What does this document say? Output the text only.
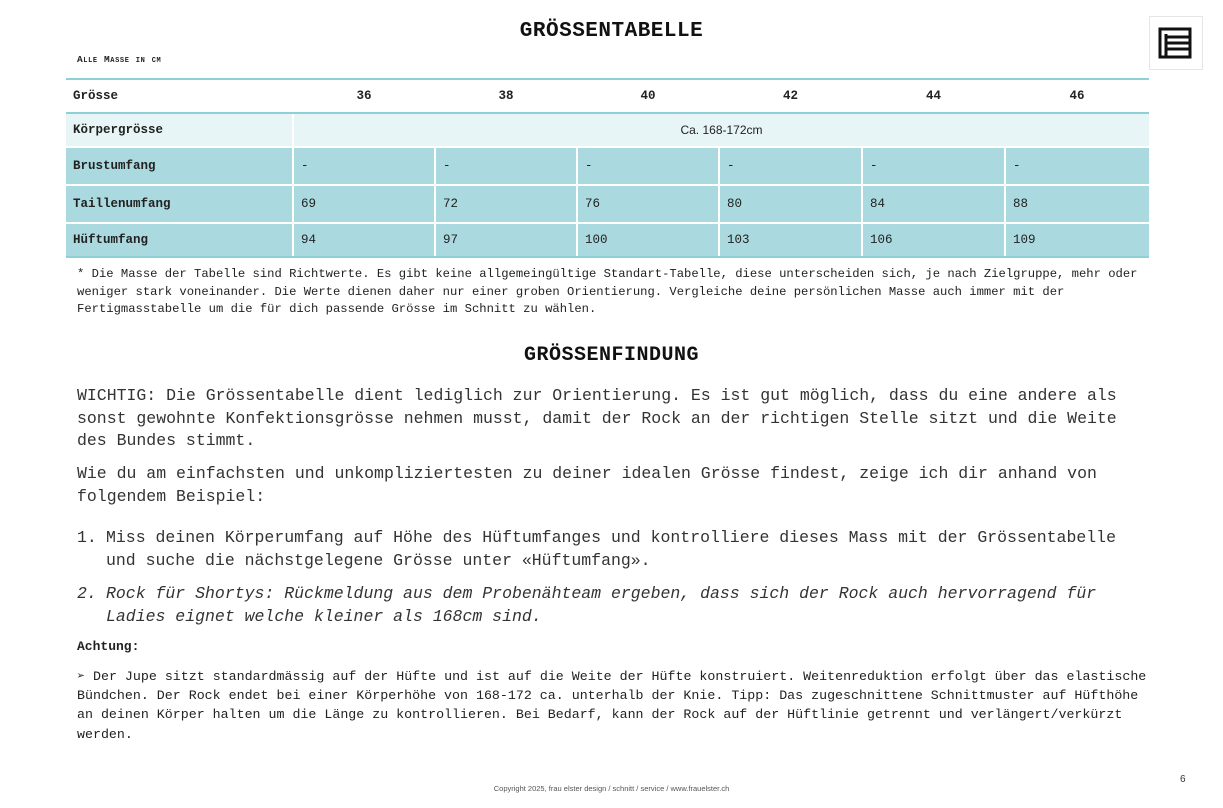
GRÖSSENTABELLE
Alle Masse in cm
Grösse	36	38	40	42	44	46
Körpergrösse	Ca. 168-172cm					
Brustumfang	-	-	-	-	-	-
Taillenumfang	69	72	76	80	84	88
Hüftumfang	94	97	100	103	106	109
* Die Masse der Tabelle sind Richtwerte. Es gibt keine allgemeingültige Standart-Tabelle, diese unterscheiden sich, je nach Zielgruppe, mehr oder weniger stark voneinander. Die Werte dienen daher nur einer groben Orientierung. Vergleiche deine persönlichen Masse auch immer mit der Fertigmasstabelle um die für dich passende Grösse im Schnitt zu wählen.
GRÖSSENFINDUNG
WICHTIG: Die Grössentabelle dient lediglich zur Orientierung. Es ist gut möglich, dass du eine andere als sonst gewohnte Konfektionsgrösse nehmen musst, damit der Rock an der richtigen Stelle sitzt und die Weite des Bundes stimmt.
Wie du am einfachsten und unkompliziertesten zu deiner idealen Grösse findest, zeige ich dir anhand von folgendem Beispiel:
1. Miss deinen Körperumfang auf Höhe des Hüftumfanges und kontrolliere dieses Mass mit der Grössentabelle und suche die nächstgelegene Grösse unter «Hüftumfang».
2. Rock für Shortys: Rückmeldung aus dem Probenähteam ergeben, dass sich der Rock auch hervorragend für Ladies eignet welche kleiner als 168cm sind.
Achtung:
➢ Der Jupe sitzt standardmässig auf der Hüfte und ist auf die Weite der Hüfte konstruiert. Weitenreduktion erfolgt über das elastische Bündchen. Der Rock endet bei einer Körperhöhe von 168-172 ca. unterhalb der Knie. Tipp: Das zugeschnittene Schnittmuster auf Hüfthöhe an deinen Körper halten um die Länge zu kontrollieren. Bei Bedarf, kann der Rock auf der Hüftlinie getrennt und verlängert/verkürzt werden.
Copyright 2025, frau elster design / schnitt / service / www.frauelster.ch
6
